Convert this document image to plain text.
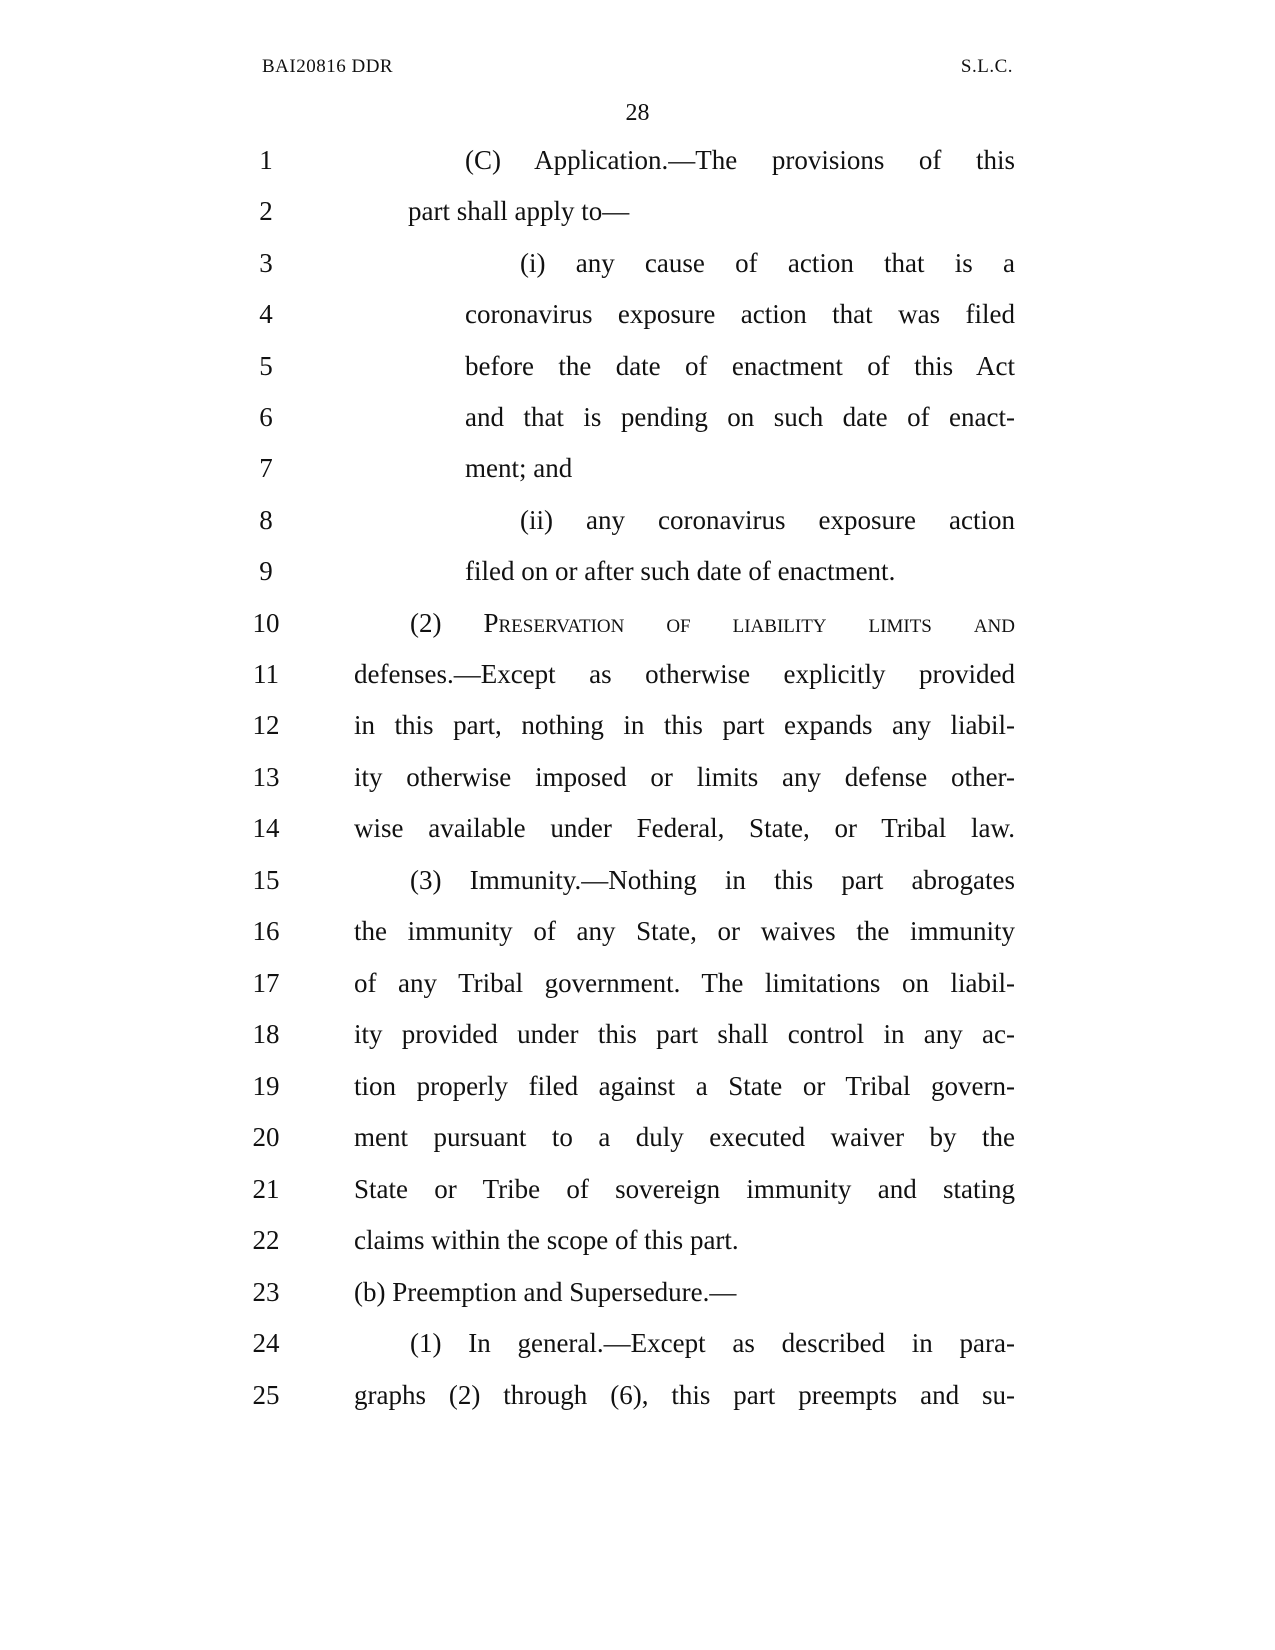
BAI20816 DDR	S.L.C.
28
1	(C) Application.—The provisions of this
2	part shall apply to—
3	(i) any cause of action that is a
4	coronavirus exposure action that was filed
5	before the date of enactment of this Act
6	and that is pending on such date of enact-
7	ment; and
8	(ii) any coronavirus exposure action
9	filed on or after such date of enactment.
10	(2) Preservation of liability limits and
11	defenses.—Except as otherwise explicitly provided
12	in this part, nothing in this part expands any liabil-
13	ity otherwise imposed or limits any defense other-
14	wise available under Federal, State, or Tribal law.
15	(3) Immunity.—Nothing in this part abrogates
16	the immunity of any State, or waives the immunity
17	of any Tribal government. The limitations on liabil-
18	ity provided under this part shall control in any ac-
19	tion properly filed against a State or Tribal govern-
20	ment pursuant to a duly executed waiver by the
21	State or Tribe of sovereign immunity and stating
22	claims within the scope of this part.
23	(b) Preemption and Supersedure.—
24	(1) In general.—Except as described in para-
25	graphs (2) through (6), this part preempts and su-
